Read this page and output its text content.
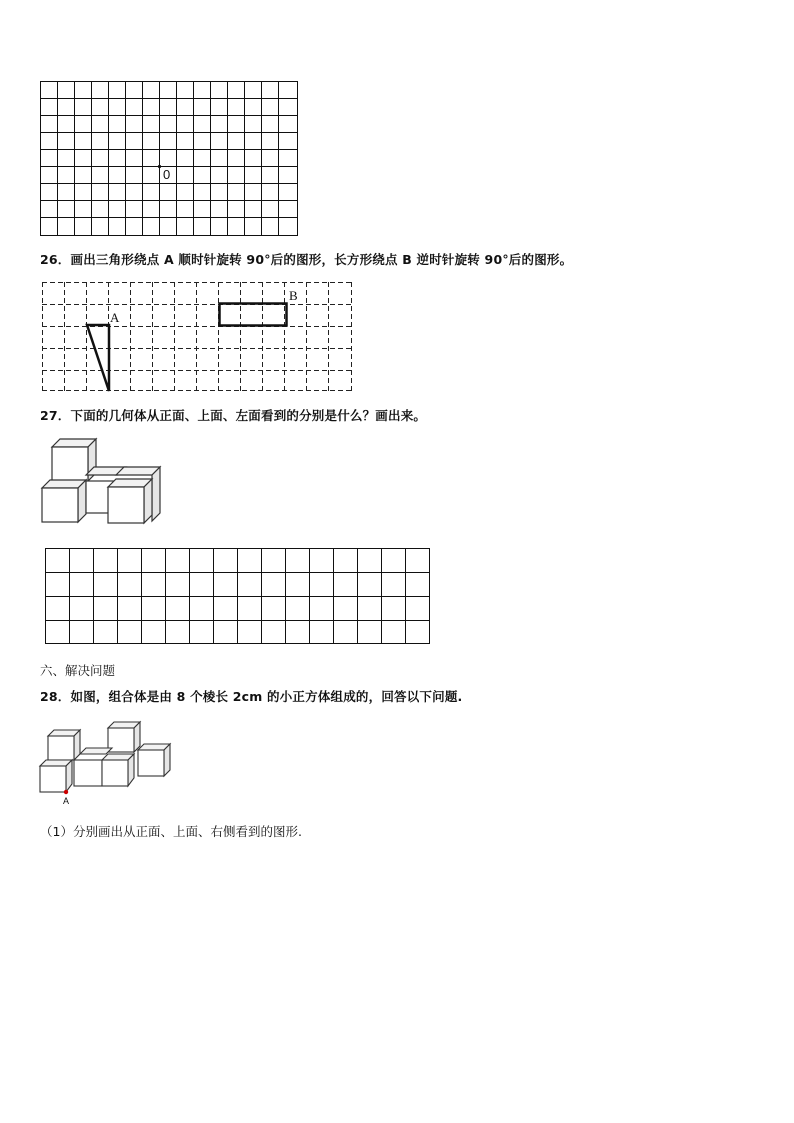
0
26．画出三角形绕点 A 顺时针旋转 90°后的图形，长方形绕点 B 逆时针旋转 90°后的图形。
A
B
27．下面的几何体从正面、上面、左面看到的分别是什么？画出来。
六、解决问题
28．如图，组合体是由 8 个棱长 2cm 的小正方体组成的，回答以下问题.
A
（1）分别画出从正面、上面、右侧看到的图形.
